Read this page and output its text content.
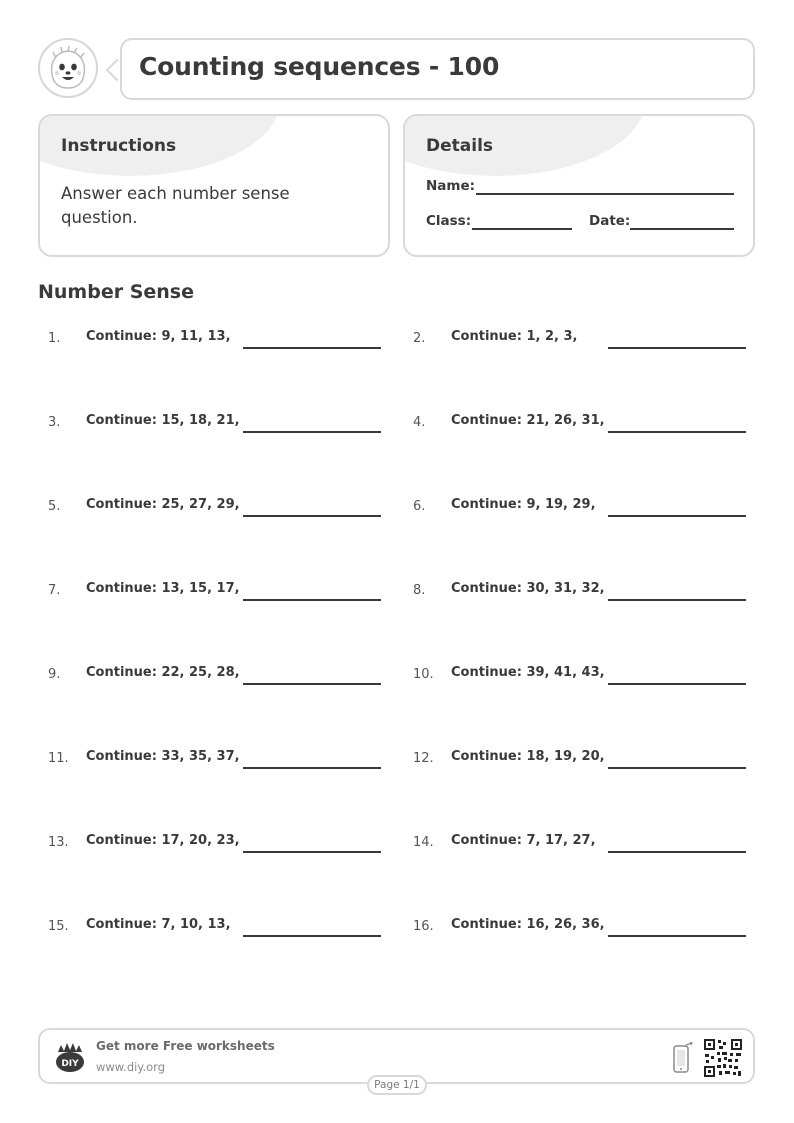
Counting sequences - 100
Instructions
Answer each number sense question.
Details
Name:
Class:	Date:
Number Sense
1. Continue: 9, 11, 13,	2. Continue: 1, 2, 3,
3. Continue: 15, 18, 21,	4. Continue: 21, 26, 31,
5. Continue: 25, 27, 29,	6. Continue: 9, 19, 29,
7. Continue: 13, 15, 17,	8. Continue: 30, 31, 32,
9. Continue: 22, 25, 28,	10. Continue: 39, 41, 43,
11. Continue: 33, 35, 37,	12. Continue: 18, 19, 20,
13. Continue: 17, 20, 23,	14. Continue: 7, 17, 27,
15. Continue: 7, 10, 13,	16. Continue: 16, 26, 36,
DIY
Get more Free worksheets
www.diy.org
Page 1/1
